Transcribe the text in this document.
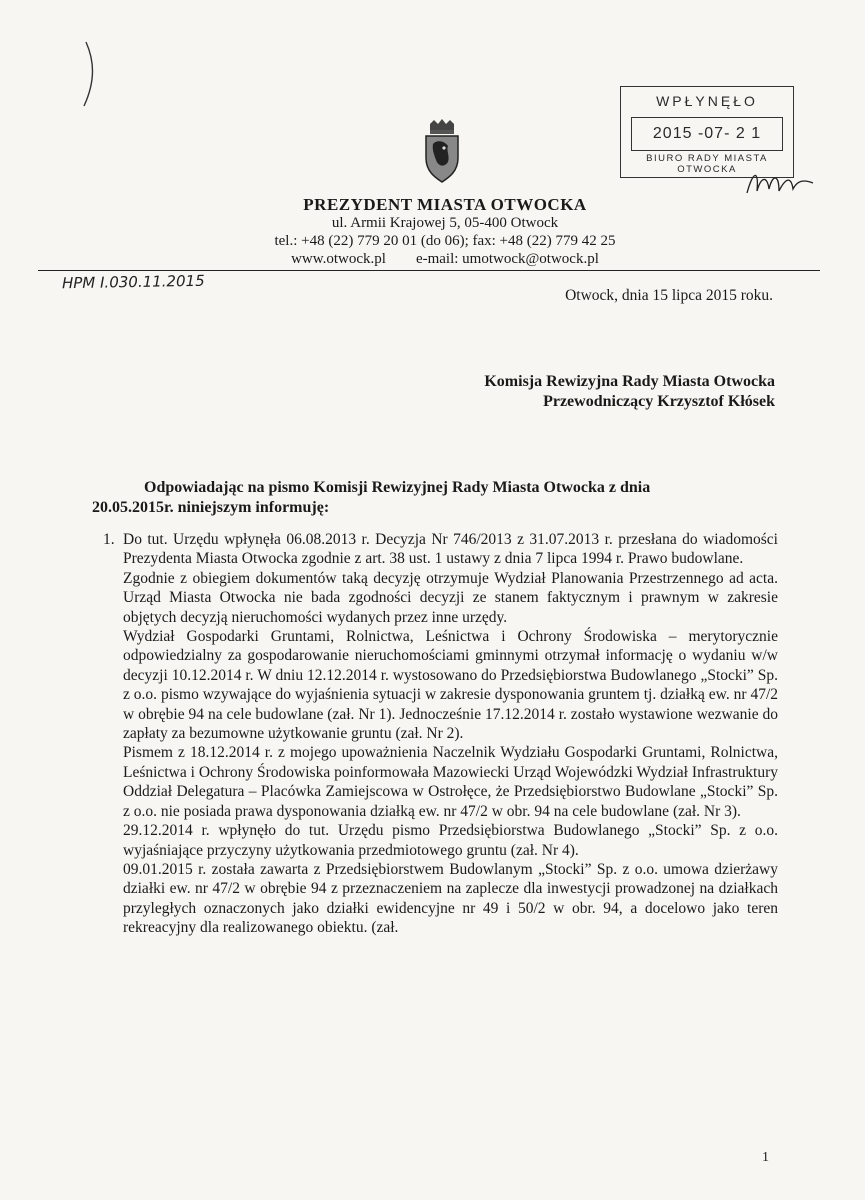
WPŁYNĘŁO
2015 -07- 2 1
BIURO RADY MIASTA
OTWOCKA
PREZYDENT MIASTA OTWOCKA
ul. Armii Krajowej 5, 05-400 Otwock
tel.: +48 (22) 779 20 01 (do 06); fax: +48 (22) 779 42 25
www.otwock.pl        e-mail: umotwock@otwock.pl
HPM I.030.11.2015
Otwock, dnia 15 lipca 2015 roku.
Komisja Rewizyjna Rady Miasta Otwocka
Przewodniczący Krzysztof Kłósek
Odpowiadając na pismo Komisji Rewizyjnej Rady Miasta Otwocka z dnia
20.05.2015r. niniejszym informuję:
1. Do tut. Urzędu wpłynęła 06.08.2013 r. Decyzja Nr 746/2013 z 31.07.2013 r. przesłana do wiadomości Prezydenta Miasta Otwocka zgodnie z art. 38 ust. 1 ustawy z dnia 7 lipca 1994 r. Prawo budowlane.

Zgodnie z obiegiem dokumentów taką decyzję otrzymuje Wydział Planowania Przestrzennego ad acta. Urząd Miasta Otwocka nie bada zgodności decyzji ze stanem faktycznym i prawnym w zakresie objętych decyzją nieruchomości wydanych przez inne urzędy.

Wydział Gospodarki Gruntami, Rolnictwa, Leśnictwa i Ochrony Środowiska – merytorycznie odpowiedzialny za gospodarowanie nieruchomościami gminnymi otrzymał informację o wydaniu w/w decyzji 10.12.2014 r. W dniu 12.12.2014 r. wystosowano do Przedsiębiorstwa Budowlanego „Stocki” Sp. z o.o. pismo wzywające do wyjaśnienia sytuacji w zakresie dysponowania gruntem tj. działką ew. nr 47/2 w obrębie 94 na cele budowlane (zał. Nr 1). Jednocześnie 17.12.2014 r. zostało wystawione wezwanie do zapłaty za bezumowne użytkowanie gruntu (zał. Nr 2).

Pismem z 18.12.2014 r. z mojego upoważnienia Naczelnik Wydziału Gospodarki Gruntami, Rolnictwa, Leśnictwa i Ochrony Środowiska poinformowała Mazowiecki Urząd Wojewódzki Wydział Infrastruktury Oddział Delegatura – Placówka Zamiejscowa w Ostrołęce, że Przedsiębiorstwo Budowlane „Stocki” Sp. z o.o. nie posiada prawa dysponowania działką ew. nr 47/2 w obr. 94 na cele budowlane (zał. Nr 3).

29.12.2014 r. wpłynęło do tut. Urzędu pismo Przedsiębiorstwa Budowlanego „Stocki” Sp. z o.o. wyjaśniające przyczyny użytkowania przedmiotowego gruntu (zał. Nr 4).

09.01.2015 r. została zawarta z Przedsiębiorstwem Budowlanym „Stocki” Sp. z o.o. umowa dzierżawy działki ew. nr 47/2 w obrębie 94 z przeznaczeniem na zaplecze dla inwestycji prowadzonej na działkach przyległych oznaczonych jako działki ewidencyjne nr 49 i 50/2 w obr. 94, a docelowo jako teren rekreacyjny dla realizowanego obiektu. (zał.

1
